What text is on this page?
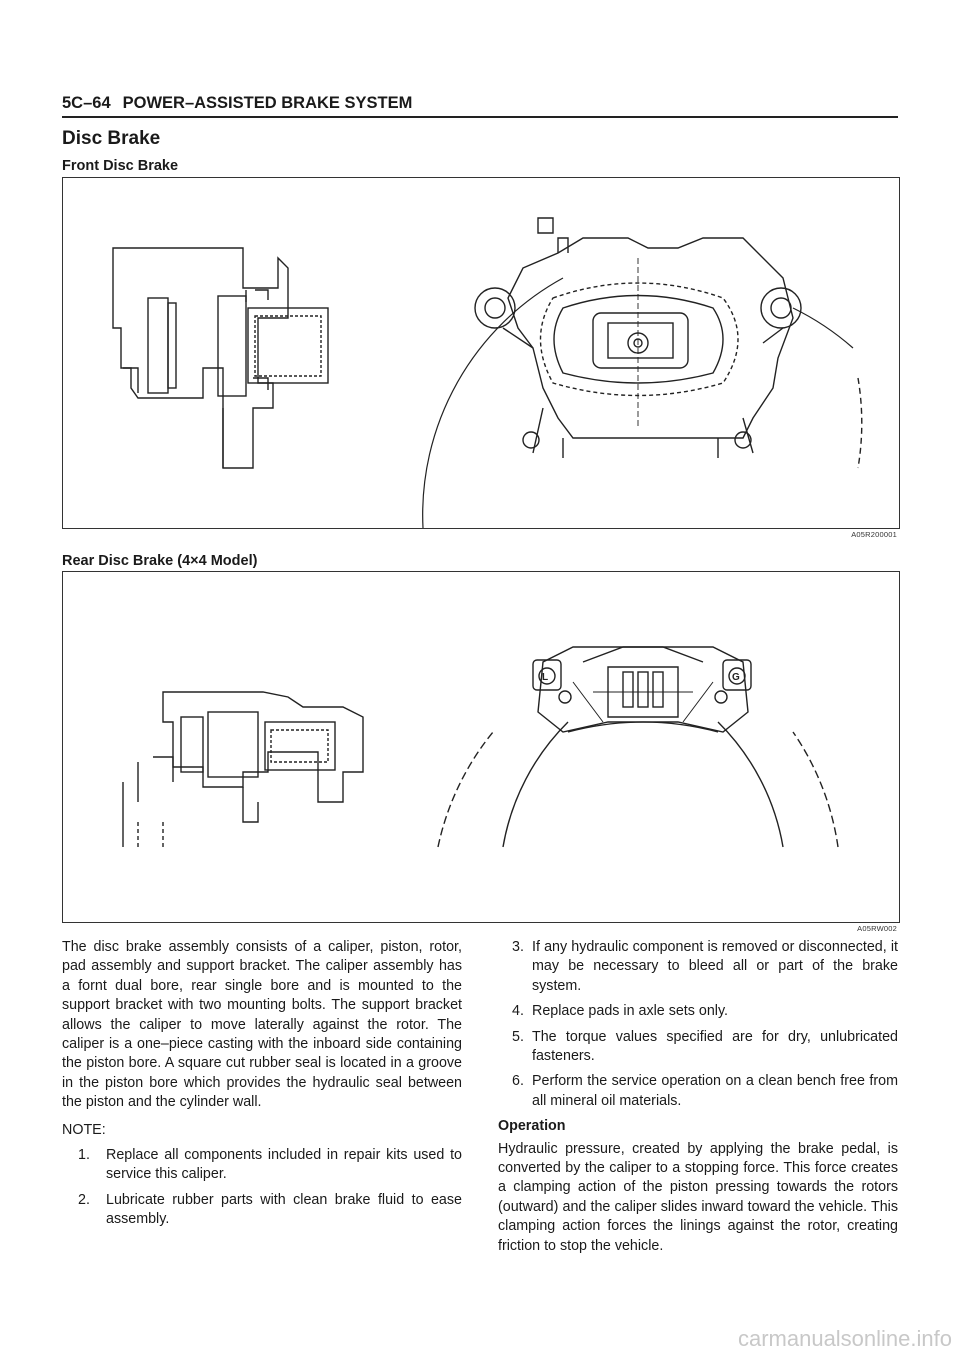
5C–64 POWER–ASSISTED BRAKE SYSTEM
Disc Brake
Front Disc Brake
A05R200001
Rear Disc Brake (4×4 Model)
L	G
A05RW002

The disc brake assembly consists of a caliper, piston, rotor, pad assembly and support bracket. The caliper assembly has a fornt dual bore, rear single bore and is mounted to the support bracket with two mounting bolts. The support bracket allows the caliper to move laterally against the rotor. The caliper is a one–piece casting with the inboard side containing the piston bore. A square cut rubber seal is located in a groove in the piston bore which provides the hydraulic seal between the piston and the cylinder wall.

NOTE:

1. Replace all components included in repair kits used to service this caliper.
2. Lubricate rubber parts with clean brake fluid to ease assembly.
3. If any hydraulic component is removed or disconnected, it may be necessary to bleed all or part of the brake system.
4. Replace pads in axle sets only.
5. The torque values specified are for dry, unlubricated fasteners.
6. Perform the service operation on a clean bench free from all mineral oil materials.
Operation

Hydraulic pressure, created by applying the brake pedal, is converted by the caliper to a stopping force. This force creates a clamping action of the piston pressing towards the rotors (outward) and the caliper slides inward toward the vehicle. This clamping action forces the linings against the rotor, creating friction to stop the vehicle.

carmanualsonline.info
